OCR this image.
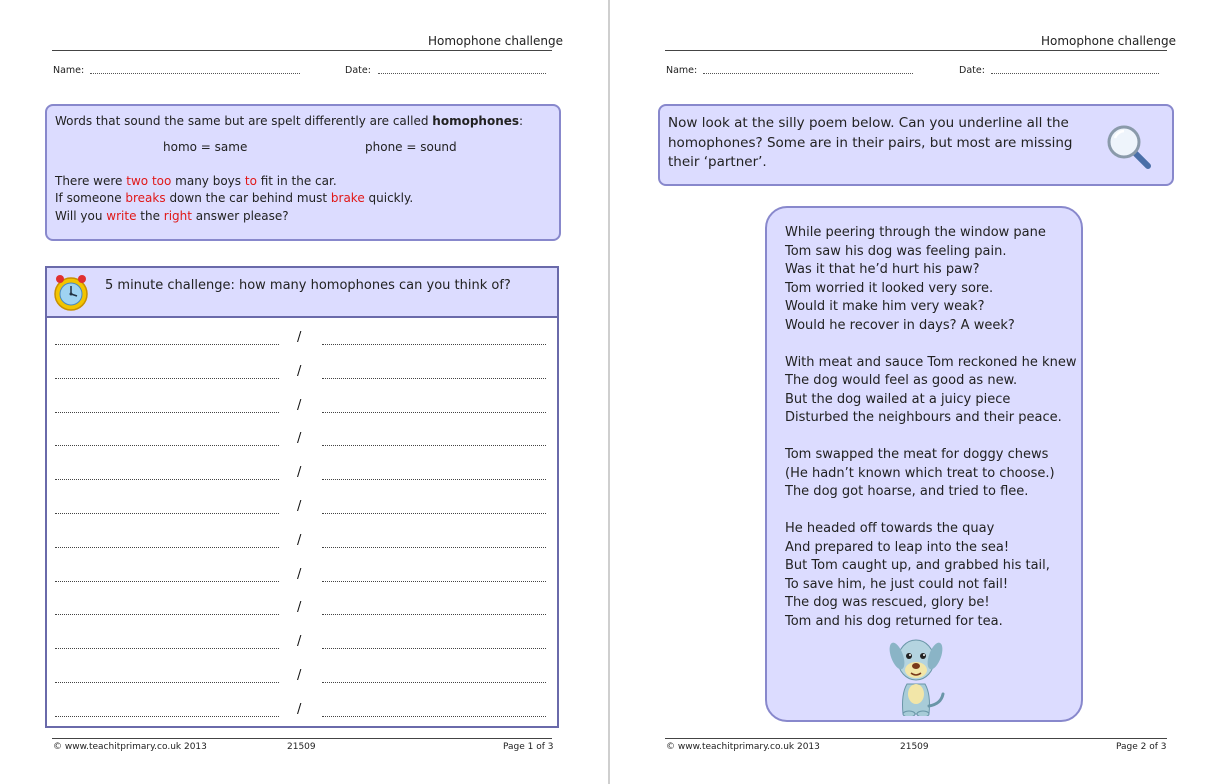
Homophone challenge
Name:	Date:
Words that sound the same but are spelt differently are called homophones:
homo = same	phone = sound
There were two too many boys to fit in the car.
If someone breaks down the car behind must brake quickly.
Will you write the right answer please?
5 minute challenge: how many homophones can you think of?
/
/
/
/
/
/
/
/
/
/
/
/
© www.teachitprimary.co.uk 2013	21509	Page 1 of 3
Homophone challenge
Name:	Date:
Now look at the silly poem below. Can you underline all the homophones? Some are in their pairs, but most are missing their ‘partner’.
While peering through the window pane
Tom saw his dog was feeling pain.
Was it that he’d hurt his paw?
Tom worried it looked very sore.
Would it make him very weak?
Would he recover in days? A week?
With meat and sauce Tom reckoned he knew
The dog would feel as good as new.
But the dog wailed at a juicy piece
Disturbed the neighbours and their peace.
Tom swapped the meat for doggy chews
(He hadn’t known which treat to choose.)
The dog got hoarse, and tried to flee.
He headed off towards the quay
And prepared to leap into the sea!
But Tom caught up, and grabbed his tail,
To save him, he just could not fail!
The dog was rescued, glory be!
Tom and his dog returned for tea.
© www.teachitprimary.co.uk 2013	21509	Page 2 of 3
